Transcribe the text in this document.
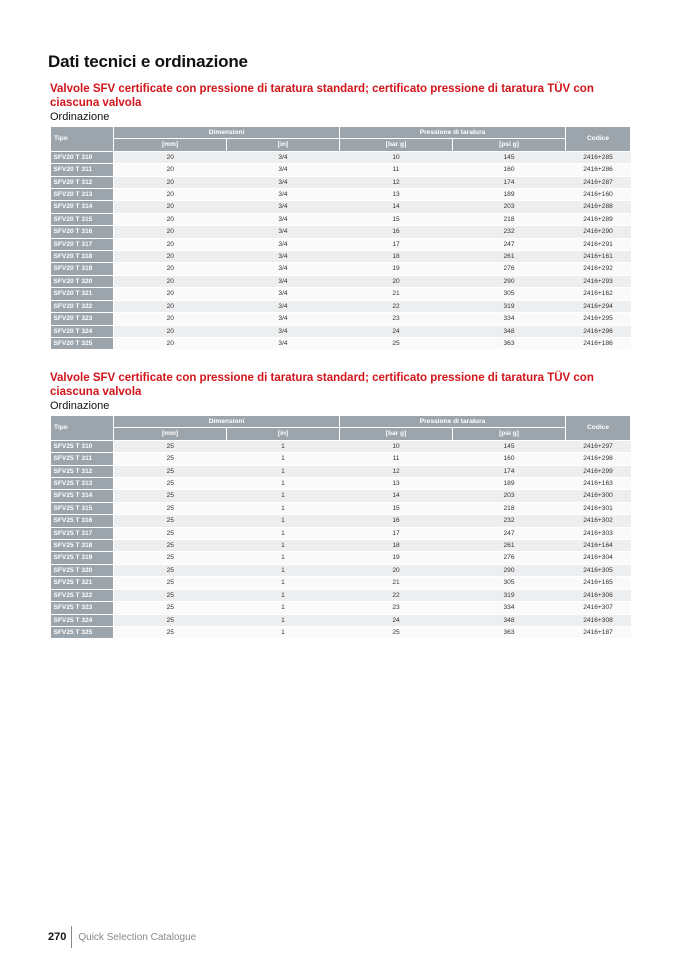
Dati tecnici e ordinazione
Valvole SFV certificate con pressione di taratura standard; certificato pressione di taratura TÜV con ciascuna valvola
Ordinazione
Tipo	Dimensioni		Pressione di taratura		Codice
	[mm]	[in]	[bar g]	[psi g]	
SFV20 T 310	20	3/4	10	145	2416+285
SFV20 T 311	20	3/4	11	160	2416+286
SFV20 T 312	20	3/4	12	174	2416+287
SFV20 T 313	20	3/4	13	189	2416+160
SFV20 T 314	20	3/4	14	203	2416+288
SFV20 T 315	20	3/4	15	218	2416+289
SFV20 T 316	20	3/4	16	232	2416+290
SFV20 T 317	20	3/4	17	247	2416+291
SFV20 T 318	20	3/4	18	261	2416+161
SFV20 T 319	20	3/4	19	276	2416+292
SFV20 T 320	20	3/4	20	290	2416+293
SFV20 T 321	20	3/4	21	305	2416+162
SFV20 T 322	20	3/4	22	319	2416+294
SFV20 T 323	20	3/4	23	334	2416+295
SFV20 T 324	20	3/4	24	348	2416+296
SFV20 T 325	20	3/4	25	363	2416+186
Valvole SFV certificate con pressione di taratura standard; certificato pressione di taratura TÜV con ciascuna valvola
Ordinazione
Tipo	Dimensioni		Pressione di taratura		Codice
	[mm]	[in]	[bar g]	[psi g]	
SFV25 T 310	25	1	10	145	2416+297
SFV25 T 311	25	1	11	160	2416+298
SFV25 T 312	25	1	12	174	2416+299
SFV25 T 313	25	1	13	189	2416+163
SFV25 T 314	25	1	14	203	2416+300
SFV25 T 315	25	1	15	218	2416+301
SFV25 T 316	25	1	16	232	2416+302
SFV25 T 317	25	1	17	247	2416+303
SFV25 T 318	25	1	18	261	2416+164
SFV25 T 319	25	1	19	276	2416+304
SFV25 T 320	25	1	20	290	2416+305
SFV25 T 321	25	1	21	305	2416+165
SFV25 T 322	25	1	22	319	2416+306
SFV25 T 323	25	1	23	334	2416+307
SFV25 T 324	25	1	24	348	2416+308
SFV25 T 325	25	1	25	363	2416+187
270 Quick Selection Catalogue
